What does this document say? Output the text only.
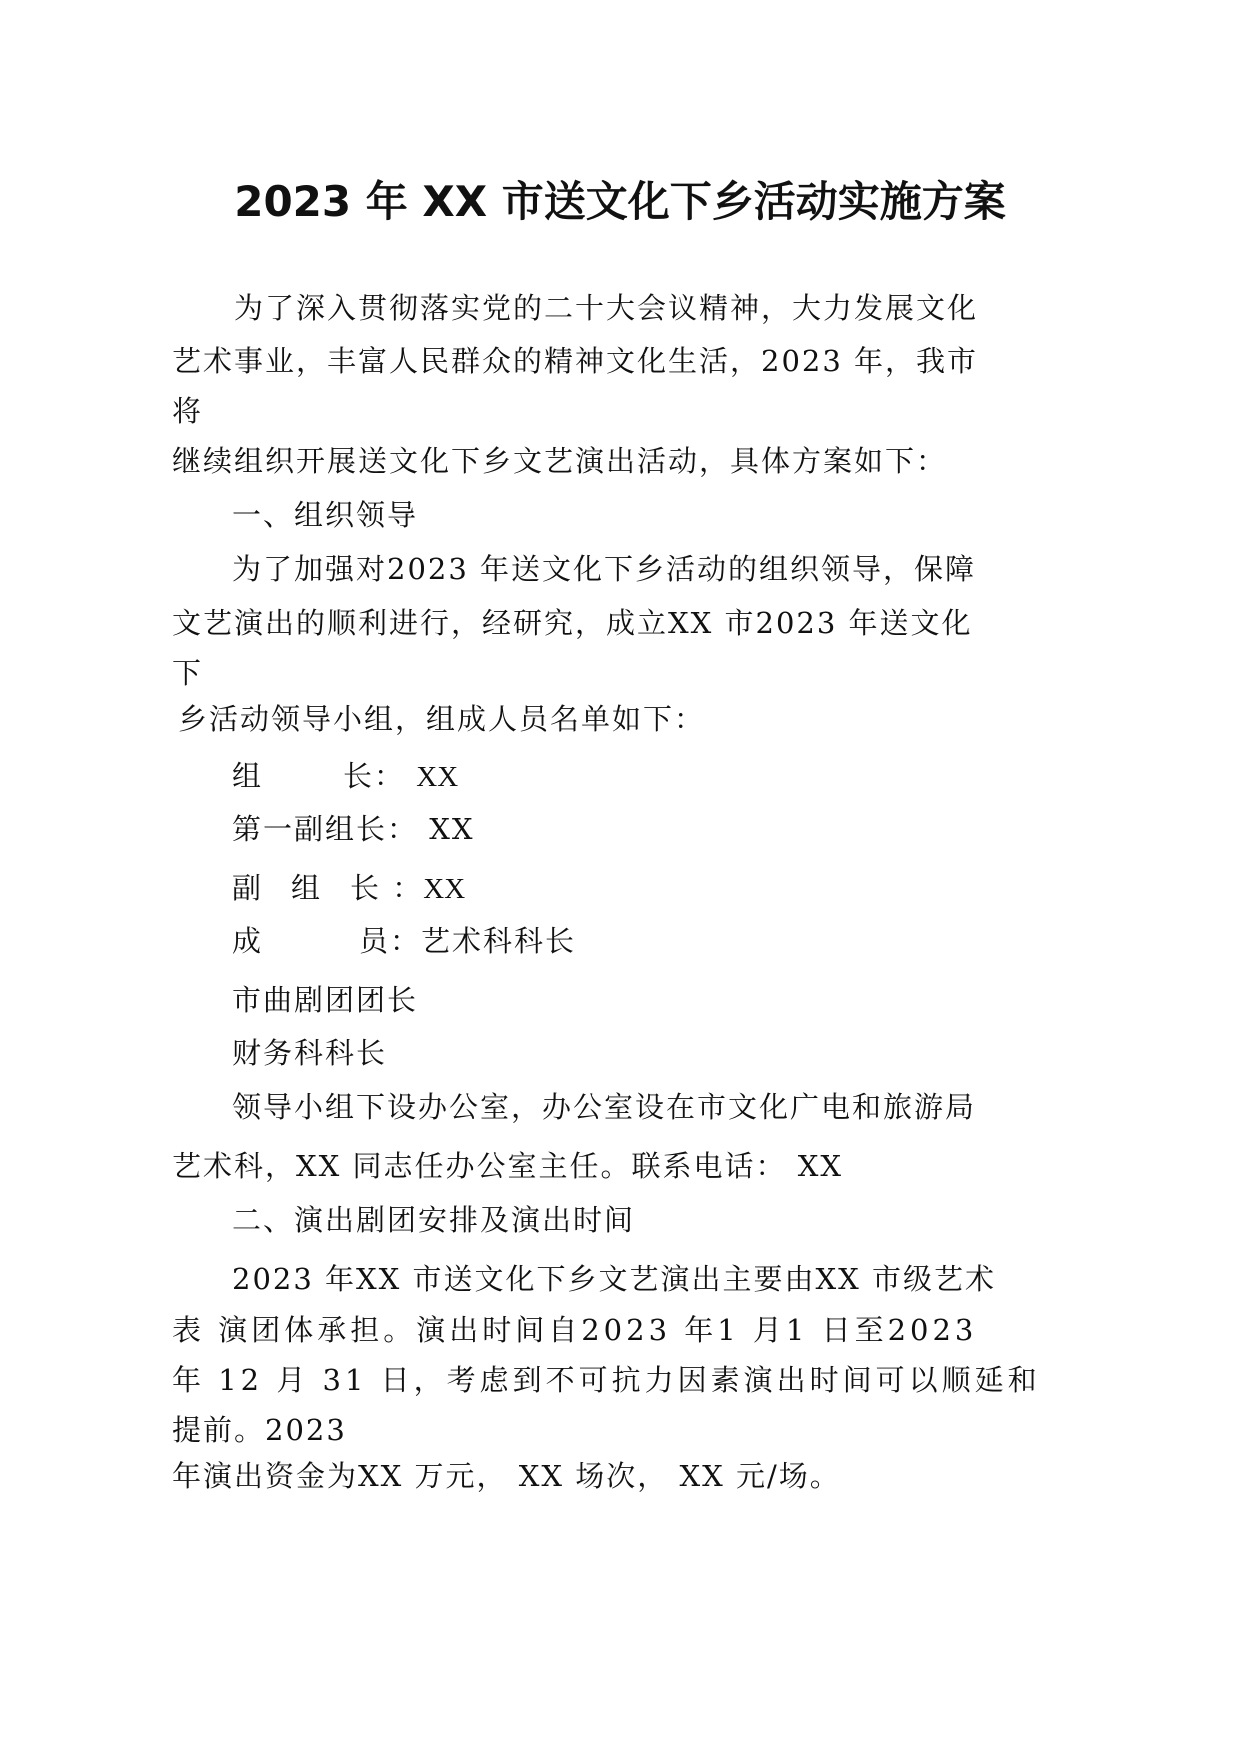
2023 年 XX 市送文化下乡活动实施方案
为了深入贯彻落实党的二十大会议精神，大力发展文化
艺术事业，丰富人民群众的精神文化生活，2023 年，我市
将
继续组织开展送文化下乡文艺演出活动，具体方案如下：
一、组织领导
为了加强对2023 年送文化下乡活动的组织领导，保障
文艺演出的顺利进行，经研究，成立XX 市2023 年送文化
下
乡活动领导小组，组成人员名单如下：
组	长： XX
第一副组长： XX
副 组 长 ：XX
成	员：艺术科科长
市曲剧团团长
财务科科长
领导小组下设办公室，办公室设在市文化广电和旅游局
艺术科，XX 同志任办公室主任。联系电话： XX
二、演出剧团安排及演出时间
2023 年XX 市送文化下乡文艺演出主要由XX 市级艺术
表 演团体承担。演出时间自2023 年1 月1 日至2023
年 12 月 31 日，考虑到不可抗力因素演出时间可以顺延和
提前。2023
年演出资金为XX 万元， XX 场次， XX 元/场。
